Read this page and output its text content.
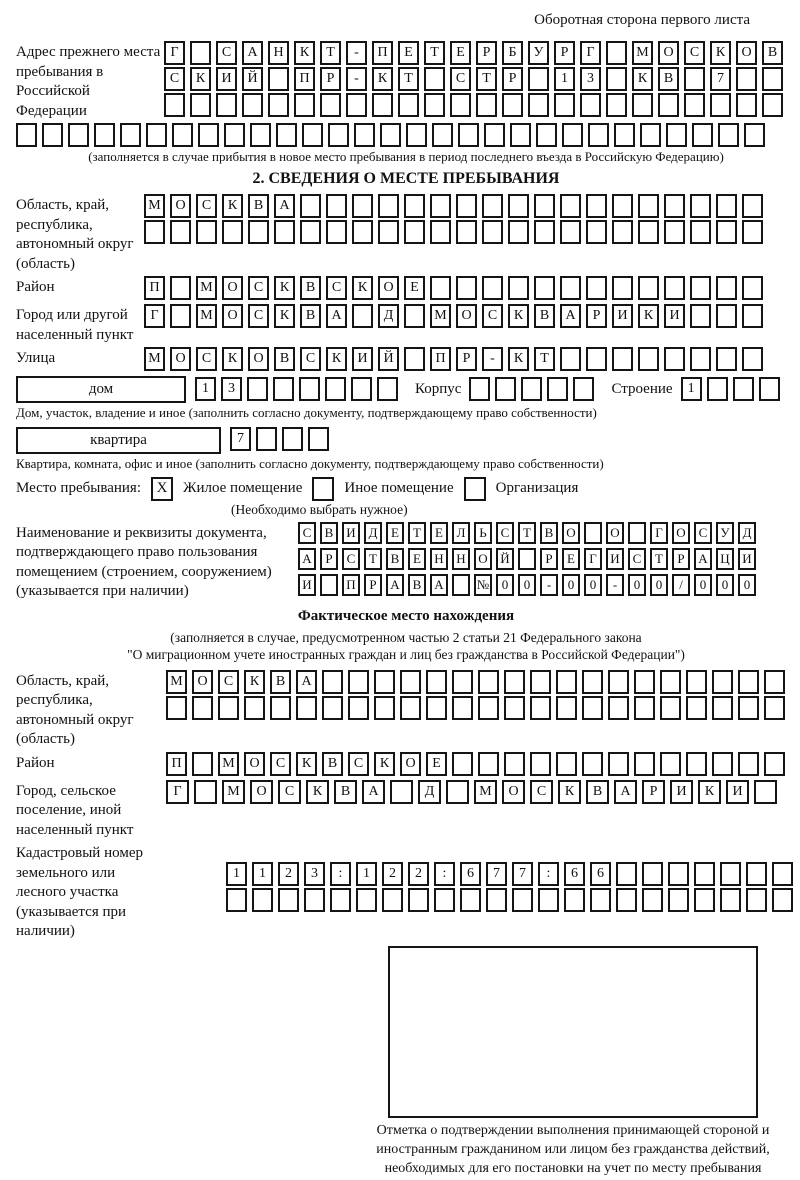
Оборотная сторона первого листа
Адрес прежнего места пребывания в Российской Федерации
Г	С	А	Н	К	Т	-	П	Е	Т	Е	Р	Б	У	Р	Г	М	О	С	К	О	В
С	К	И	Й	П	Р	-	К	Т	С	Т	Р	1	3	К	В	7
(заполняется в случае прибытия в новое место пребывания в период последнего въезда в Российскую Федерацию)
2. СВЕДЕНИЯ О МЕСТЕ ПРЕБЫВАНИЯ
Область, край, республика, автономный округ (область)
М	О	С	К	В	А
Район	П	М	О	С	К	В	С	К	О	Е
Город или другой населенный пункт
Г	М	О	С	К	В	А	Д	М	О	С	К	В	А	Р	И	К	И
Улица	М	О	С	К	О	В	С	К	И	Й	П	Р	-	К	Т
дом	1	3	Корпус	Строение	1
Дом, участок, владение и иное (заполнить согласно документу, подтверждающему право собственности)
квартира	7
Квартира, комната, офис и иное (заполнить согласно документу, подтверждающему право собственности)
Место пребывания:	X	Жилое помещение	Иное помещение	Организация
(Необходимо выбрать нужное)
Наименование и реквизиты документа, подтверждающего право пользования помещением (строением, сооружением) (указывается при наличии)
С	В И Д	Е	Т	Е	Л	Ь	С	Т	В О	О	Г	О С	У Д
А	Р	С	Т	В	Е	Н Н О Й	Р	Е	Г	И С	Т	Р	А Ц И
И	П	Р	А В А	№ 0	0	-	0	0	-	0	0	/	0	0	0
Фактическое место нахождения
(заполняется в случае, предусмотренном частью 2 статьи 21 Федерального закона
"О миграционном учете иностранных граждан и лиц без гражданства в Российской Федерации")
Область, край, республика, автономный округ (область)
М	О	С	К	В	А
Район	П	М	О	С	К	В	С	К	О	Е
Город, сельское поселение, иной населенный пункт
Г	М	О	С	К	В	А	Д	М	О	С	К	В	А	Р	И	К	И
Кадастровый номер земельного или лесного участка (указывается при наличии)
1	1	2	3	:	1	2	2	:	6	7	7	:	6	6
Отметка о подтверждении выполнения принимающей стороной и иностранным гражданином или лицом без гражданства действий, необходимых для его постановки на учет по месту пребывания
